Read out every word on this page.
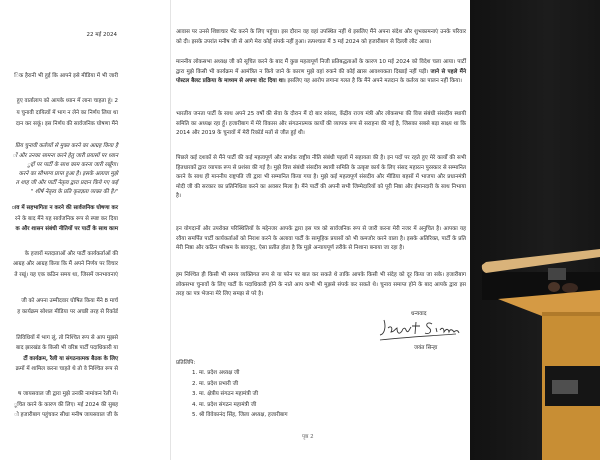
22 मई 2024
िक हैरानी भी हुई कि आपने इसे मीडिया में भी जारी
हुए वार्तालाप को आपके ध्यान में लाना चाहता हूं। 2
य चुनावी दायित्वों में भाग न लेने का निर्णय लिया था
दान कर सकूं। इस निर्णय की सार्वजनिक घोषणा मैंने
प्रिय चुनावी कर्तव्यों से मुक्त करने का आग्रह किया है
ों और उनका सामना करने हेतु जारी प्रयासों पर ध्यान
ुद्दों पर पार्टी के साथ काम करना जारी रखूँगा।
करने का सौभाग्य प्राप्त हुआ है। इसके अलावा मुझे
त शाह जी और पार्टी नेतृत्व द्वारा प्रदान किये गए कई
" शीर्ष नेतृत्व के प्रति कृतज्ञता व्यक्त की है।"
ाव में सहभागिता न करने की सार्वजनिक घोषणा कर
रने के बाद मैंने यह सार्वजनिक रूप से स्पष्ट कर दिया
क और शासन संबंधी नीतियों पर पार्टी के साथ काम
के हजारों मतदाताओं और पार्टी कार्यकर्ताओं की
आग्रह और आग्रह किया कि मैं अपने निर्णय पर विचार
ते रखूं। यह एक कठिन समय था, जिसमें जनभावनाएं
जी को अपना उम्मीदवार घोषित किया मैंने 8 मार्च
ह कार्यक्रम सोशल मीडिया पर अच्छी तरह से रिकॉर्ड
तिविधियों में भाग लूं, तो निश्चित रूप से आप मुझसे
बाद झारखंड के किसी भी वरिष्ठ पार्टी पदाधिकारी या
र्टी कार्यक्रम, रैली या संगठनात्मक बैठक के लिए
क्रमों में शामिल करना चाहते थे तो वे निश्चित रूप से
ष जायसवाल जी द्वारा मुझे उनकी नामांकन रैली में।
ूचित करने के कारण की लिए। मई 2024 की सुबह
ो हजारीबाग पहुंचकर सीधा मनीष जायसवाल जी के

आवास पर उनसे शिष्टाचार भेंट करने के लिए पहुंचा। इस दौरान वह वहां उपस्थित नहीं थे इसलिए मैंने अपना संदेश और शुभकामनाएं उनके परिवार को दी। इसके उपरांत मनीष जी से आगे मेरा कोई संपर्क नहीं हुआ। तत्पश्चात मैं 3 मई 2024 को हजारीबाग से दिल्ली लौट आया।

माननीय लोकसभा अध्यक्ष जी को सूचित करने के बाद मैं कुछ महत्वपूर्ण निजी प्रतिबद्धताओं के कारण 10 मई 2024 को विदेश चला आया। पार्टी द्वारा मुझे किसी भी कार्यक्रम में आमंत्रित न किये जाने के कारण मुझे वहां रुकने की कोई ख़ास आवश्यकता दिखाई नहीं पड़ी। जाने से पहले मैंने पोस्टल बैलट प्रक्रिया के माध्यम से अपना वोट दिया था। इसलिए यह आरोप लगाना गलत है कि मैंने अपने मतदान के कर्तव्य का पालन नहीं किया।

भारतीय जनता पार्टी के साथ अपने 25 वर्षों की सेवा के दौरान मैं दो बार सांसद, केंद्रीय राज्य मंत्री और लोकसभा की वित्त संबंधी संसदीय स्थायी समिति का अध्यक्ष रहा हूँ। हजारीबाग में मेरे विकास और संगठनात्मक कार्यों की व्यापक रूप से सराहना की गई है, जिसका सबसे बड़ा साक्ष्य था कि 2014 और 2019 के चुनावों में मेरी रिकॉर्ड मतों से जीत हुई थी।

पिछले कई दशकों से मैंने पार्टी की कई महत्वपूर्ण और सार्थक राष्ट्रीय नीति संबंधी पहलों में सहायता की है। इन पदों पर रहते हुए मेरे कार्यों की सभी हितधारकों द्वारा व्यापक रूप से प्रशंसा की गई है। मुझे वित्त संबंधी संसदीय स्थायी समिति के उत्कृष्ट कार्य के लिए संसद महारत्न पुरस्कार से सम्मानित करने के साथ ही माननीय राष्ट्रपति जी द्वारा भी सम्मानित किया गया है। मुझे कई महत्वपूर्ण संसदीय और मीडिया बहसों में भाजपा और प्रधानमंत्री मोदी जी की सरकार का प्रतिनिधित्व करने का अवसर मिला है। मैंने पार्टी की अपनी सभी जिम्मेदारियों को पूरी निष्ठा और ईमानदारी के साथ निभाया है।

इन योगदानों और उपरोक्त परिस्थितियों के मद्देनजर आपके द्वारा इस पत्र को सार्वजनिक रूप से जारी करना मेरी नजर में अनुचित है। आपका यह रवैया समर्पित पार्टी कार्यकर्ताओं को निराश करने के अलावा पार्टी के सामूहिक प्रयासों को भी कमजोर करने वाला है। इसके अतिरिक्त, पार्टी के प्रति मेरी निष्ठा और कठिन परिश्रम के बावजूद, ऐसा प्रतीत होता है कि मुझे अन्यायपूर्ण तरीके से निशाना बनाया जा रहा है।

हम निश्चित ही किसी भी समय व्यक्तिगत रूप से या फोन पर बात कर सकते थे ताकि आपके किसी भी संदेह को दूर किया जा सके। हजारीबाग लोकसभा चुनावों के लिए पार्टी के पदाधिकारी होने के नाते आप कभी भी मुझसे संपर्क कर सकते थे। चुनाव समाप्त होने के बाद आपके द्वारा इस तरह का पत्र भेजना मेरे लिए समझ से परे है।

धन्यवाद
जयंत सिन्हा
प्रतिलिपि:
1. मा. प्रदेश अध्यक्ष जी
2. मा. प्रदेश प्रभारी जी
3. मा. क्षेत्रीय संगठन महामंत्री जी
4. मा. प्रदेश संगठन महामंत्री जी
5. श्री विवेकानंद सिंह, जिला अध्यक्ष, हजारीबाग
पृष्ठ 2
